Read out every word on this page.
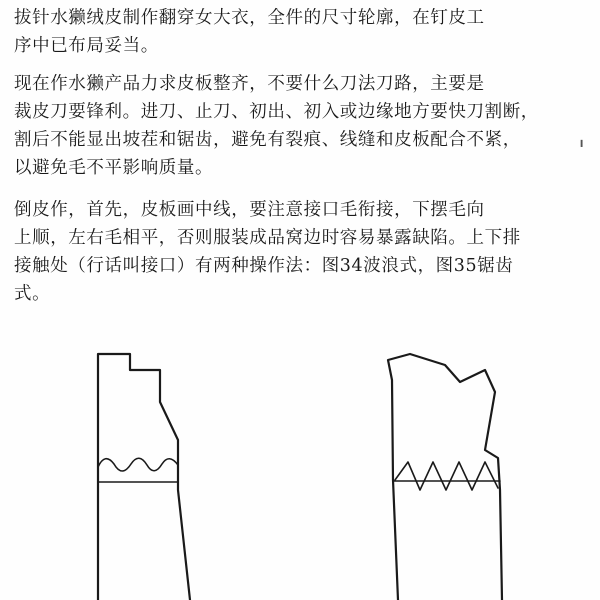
拔针水獭绒皮制作翻穿女大衣，全件的尺寸轮廓，在钉皮工
序中已布局妥当。
现在作水獭产品力求皮板整齐，不要什么刀法刀路，主要是
裁皮刀要锋利。进刀、止刀、初出、初入或边缘地方要快刀割断，
割后不能显出坡茬和锯齿，避免有裂痕、线缝和皮板配合不紧，
以避免毛不平影响质量。
倒皮作，首先，皮板画中线，要注意接口毛衔接，下摆毛向
上顺，左右毛相平，否则服装成品窝边时容易暴露缺陷。上下排
接触处（行话叫接口）有两种操作法：图34波浪式，图35锯齿
式。
╹
